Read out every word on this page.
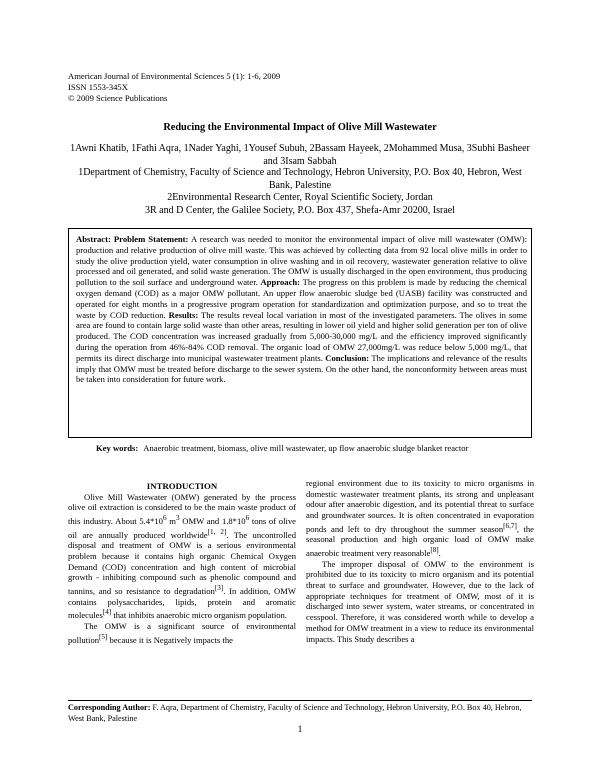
American Journal of Environmental Sciences 5 (1): 1-6, 2009
ISSN 1553-345X
© 2009 Science Publications
Reducing the Environmental Impact of Olive Mill Wastewater
1Awni Khatib, 1Fathi Aqra, 1Nader Yaghi, 1Yousef Subuh, 2Bassam Hayeek, 2Mohammed Musa, 3Subhi Basheer and 3Isam Sabbah
1Department of Chemistry, Faculty of Science and Technology, Hebron University, P.O. Box 40, Hebron, West Bank, Palestine
2Environmental Research Center, Royal Scientific Society, Jordan
3R and D Center, the Galilee Society, P.O. Box 437, Shefa-Amr 20200, Israel

Abstract: Problem Statement: A research was needed to monitor the environmental impact of olive mill wastewater (OMW): production and relative production of olive mill waste. This was achieved by collecting data from 92 local olive mills in order to study the olive production yield, water consumption in olive washing and in oil recovery, wastewater generation relative to olive processed and oil generated, and solid waste generation. The OMW is usually discharged in the open environment, thus producing pollution to the soil surface and underground water. Approach: The progress on this problem is made by reducing the chemical oxygen demand (COD) as a major OMW pollutant. An upper flow anaerobic sludge bed (UASB) facility was constructed and operated for eight months in a progressive program operation for standardization and optimization purpose, and so to treat the waste by COD reduction. Results: The results reveal local variation in most of the investigated parameters. The olives in some area are found to contain large solid waste than other areas, resulting in lower oil yield and higher solid generation per ton of olive produced. The COD concentration was increased gradually from 5,000-30,000 mg/L and the efficiency improved significantly during the operation from 46%-84% COD removal. The organic load of OMW 27,000mg/L was reduce below 5,000 mg/L, that permits its direct discharge into municipal wastewater treatment plants. Conclusion: The implications and relevance of the results imply that OMW must be treated before discharge to the sewer system. On the other hand, the nonconformity between areas must be taken into consideration for future work.

Key words: Anaerobic treatment, biomass, olive mill wastewater, up flow anaerobic sludge blanket reactor

INTRODUCTION

Olive Mill Wastewater (OMW) generated by the process olive oil extraction is considered to be the main waste product of this industry. About $5.4*10^6$ $m^3$ OMW and $1.8*10^6$ tons of olive oil are annually produced worldwide[1, 2]. The uncontrolled disposal and treatment of OMW is a serious environmental problem because it contains high organic Chemical Oxygen Demand (COD) concentration and high content of microbial growth - inhibiting compound such as phenolic compound and tannins, and so resistance to degradation[3]. In addition, OMW contains polysaccharides, lipids, protein and aromatic molecules[4] that inhibits anaerobic micro organism population.

The OMW is a significant source of environmental pollution[5] because it is Negatively impacts the

regional environment due to its toxicity to micro organisms in domestic wastewater treatment plants, its strong and unpleasant odour after anaerobic digestion, and its potential threat to surface and groundwater sources. It is often concentrated in evaporation ponds and left to dry throughout the summer season[6,7], the seasonal production and high organic load of OMW make anaerobic treatment very reasonable[8].

The improper disposal of OMW to the environment is prohibited due to its toxicity to micro organism and its potential threat to surface and groundwater. However, due to the lack of appropriate techniques for treatment of OMW, most of it is discharged into sewer system, water streams, or concentrated in cesspool. Therefore, it was considered worth while to develop a method for OMW treatment in a view to reduce its environmental impacts. This Study describes a

Corresponding Author: F. Aqra, Department of Chemistry, Faculty of Science and Technology, Hebron University, P.O. Box 40, Hebron, West Bank, Palestine
1
